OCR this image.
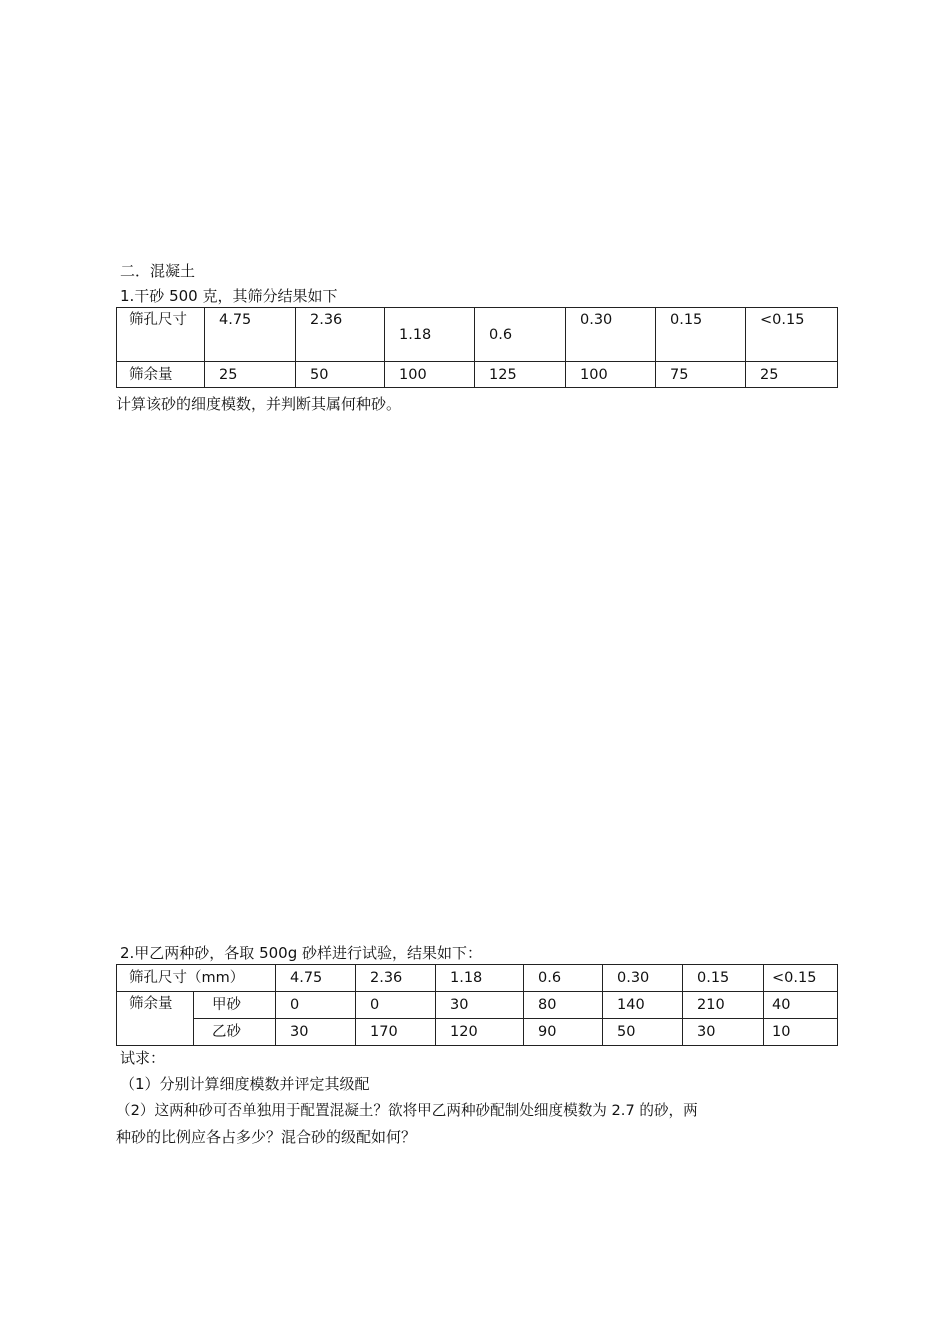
二．混凝土
1.干砂 500 克，其筛分结果如下
筛孔尺寸	4.75	2.36	1.18	0.6	0.30	0.15	<0.15
筛余量	25	50	100	125	100	75	25
计算该砂的细度模数，并判断其属何种砂。
2.甲乙两种砂，各取 500g 砂样进行试验，结果如下：
筛孔尺寸（mm）		4.75	2.36	1.18	0.6	0.30	0.15	<0.15
筛余量	甲砂	0	0	30	80	140	210	40
	乙砂	30	170	120	90	50	30	10
试求：
（1）分别计算细度模数并评定其级配
（2）这两种砂可否单独用于配置混凝土？欲将甲乙两种砂配制处细度模数为 2.7 的砂，两
种砂的比例应各占多少？混合砂的级配如何？
